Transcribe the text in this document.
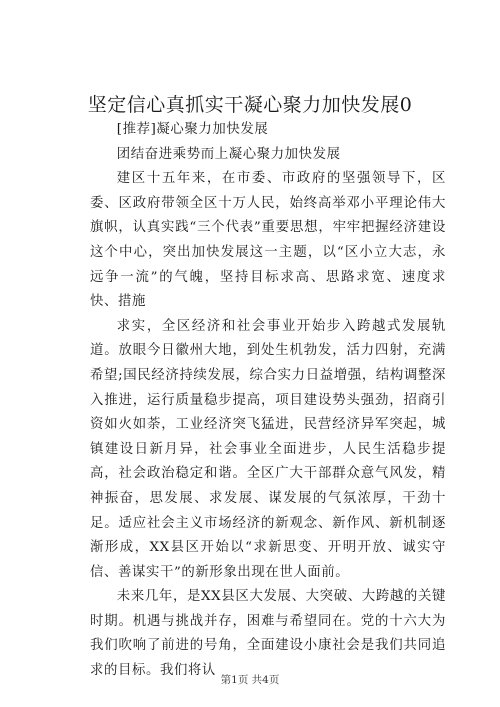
坚定信心真抓实干凝心聚力加快发展0

[推荐]凝心聚力加快发展

团结奋进乘势而上凝心聚力加快发展

建区十五年来，在市委、市政府的坚强领导下，区委、区政府带领全区十万人民，始终高举邓小平理论伟大旗帜，认真实践“三个代表”重要思想，牢牢把握经济建设这个中心，突出加快发展这一主题，以“区小立大志，永远争一流”的气魄，坚持目标求高、思路求宽、速度求快、措施

求实，全区经济和社会事业开始步入跨越式发展轨道。放眼今日徽州大地，到处生机勃发，活力四射，充满希望;国民经济持续发展，综合实力日益增强，结构调整深入推进，运行质量稳步提高，项目建设势头强劲，招商引资如火如荼，工业经济突飞猛进，民营经济异军突起，城镇建设日新月异，社会事业全面进步，人民生活稳步提高，社会政治稳定和谐。全区广大干部群众意气风发，精神振奋，思发展、求发展、谋发展的气氛浓厚，干劲十足。适应社会主义市场经济的新观念、新作风、新机制逐渐形成，XX县区开始以“求新思变、开明开放、诚实守信、善谋实干”的新形象出现在世人面前。

未来几年，是XX县区大发展、大突破、大跨越的关键时期。机遇与挑战并存，困难与希望同在。党的十六大为我们吹响了前进的号角，全面建设小康社会是我们共同追求的目标。我们将认

第1页 共4页
